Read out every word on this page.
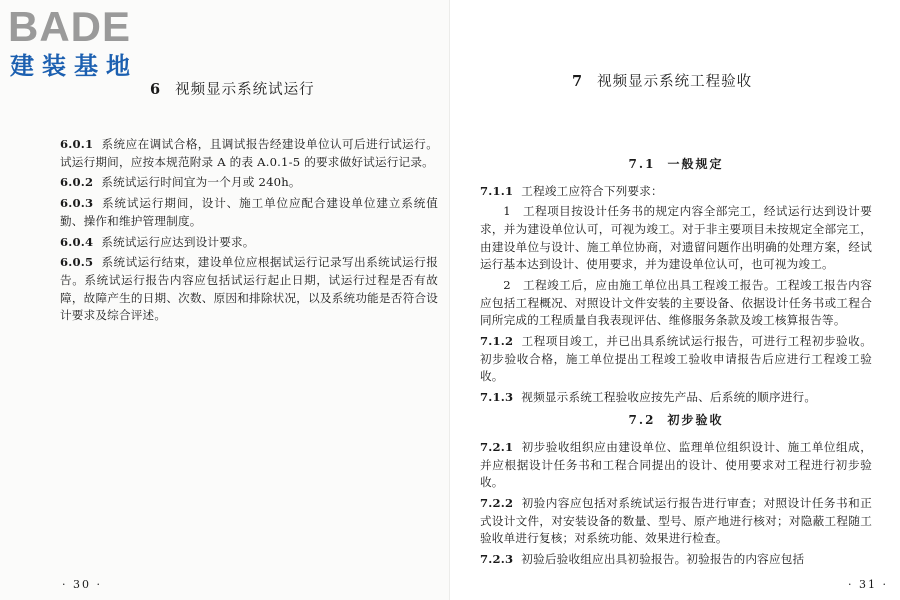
BADE
建装基地
6 视频显示系统试运行

6.0.1 系统应在调试合格，且调试报告经建设单位认可后进行试运行。试运行期间，应按本规范附录 A 的表 A.0.1-5 的要求做好试运行记录。

6.0.2 系统试运行时间宜为一个月或 240h。

6.0.3 系统试运行期间，设计、施工单位应配合建设单位建立系统值勤、操作和维护管理制度。

6.0.4 系统试运行应达到设计要求。

6.0.5 系统试运行结束，建设单位应根据试运行记录写出系统试运行报告。系统试运行报告内容应包括试运行起止日期，试运行过程是否有故障，故障产生的日期、次数、原因和排除状况，以及系统功能是否符合设计要求及综合评述。

· 30 ·
7 视频显示系统工程验收
7.1 一般规定

7.1.1 工程竣工应符合下列要求：

1　工程项目按设计任务书的规定内容全部完工，经试运行达到设计要求，并为建设单位认可，可视为竣工。对于非主要项目未按规定全部完工，由建设单位与设计、施工单位协商，对遗留问题作出明确的处理方案，经试运行基本达到设计、使用要求，并为建设单位认可，也可视为竣工。

2　工程竣工后，应由施工单位出具工程竣工报告。工程竣工报告内容应包括工程概况、对照设计文件安装的主要设备、依据设计任务书或工程合同所完成的工程质量自我表现评估、维修服务条款及竣工核算报告等。

7.1.2 工程项目竣工，并已出具系统试运行报告，可进行工程初步验收。初步验收合格，施工单位提出工程竣工验收申请报告后应进行工程竣工验收。

7.1.3 视频显示系统工程验收应按先产品、后系统的顺序进行。

7.2 初步验收

7.2.1 初步验收组织应由建设单位、监理单位组织设计、施工单位组成，并应根据设计任务书和工程合同提出的设计、使用要求对工程进行初步验收。

7.2.2 初验内容应包括对系统试运行报告进行审查；对照设计任务书和正式设计文件，对安装设备的数量、型号、原产地进行核对；对隐蔽工程随工验收单进行复核；对系统功能、效果进行检查。

7.2.3 初验后验收组应出具初验报告。初验报告的内容应包括

· 31 ·
